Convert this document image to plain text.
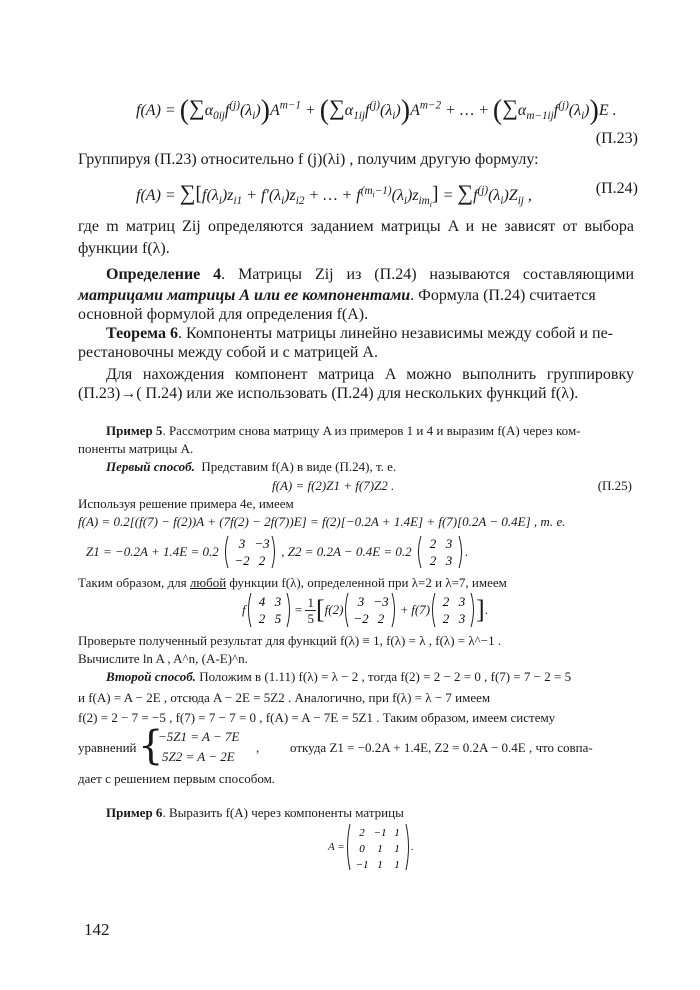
$f(A) = (\sum\alpha_{0ij}f^{(j)}(\lambda_i))A^{m-1} + (\sum\alpha_{1ij}f^{(j)}(\lambda_i))A^{m-2}$ + … + $(\sum\alpha_{m-1ij}f^{(j)}(\lambda_i))E$ .
(П.23)
Группируя (П.23) относительно f (j)(λi) , получим другую формулу:
$f(A) = \sum[f(\lambda_i)z_{i1} + f'(\lambda_i)z_{i2}$ + … + $f^{(m_i-1)}(\lambda_i)z_{im_i}] = \sum f^{(j)}(\lambda_i)Z_{ij}$ ,	(П.24)
где m матриц Zij определяются заданием матрицы A и не зависят от выбора
функции f(λ).
Определение 4. Матрицы Zij из (П.24) называются составляющими
матрицами матрицы А или ее компонентами. Формула (П.24) считается
основной формулой для определения f(A).
Теорема 6. Компоненты матрицы линейно независимы между собой и пе-
рестановочны между собой и с матрицей A.
Для нахождения компонент матрица A можно выполнить группировку
(П.23)→( П.24) или же использовать (П.24) для нескольких функций f(λ).
Пример 5. Рассмотрим снова матрицу A из примеров 1 и 4 и выразим f(A) через ком-
поненты матрицы A.
Первый способ. Представим f(A) в виде (П.24), т. е.
f(A) = f(2)Z1 + f(7)Z2 .	(П.25)
Используя решение примера 4е, имеем
f(A) = 0.2[(f(7) − f(2))A + (7f(2) − 2f(7))E] = f(2)[−0.2A + 1.4E] + f(7)[0.2A − 0.4E] , т. е.
Z1 = −0.2A + 1.4E = 0.2
3 −3
−2 2
, Z2 = 0.2A − 0.4E = 0.2
2 3
2 3
.
Таким образом, для любой функции f(λ), определенной при λ=2 и λ=7, имеем
f
4 3
2 5
= $\frac{1}{5} [f(2)$
3 −3
−2 2
+ f(7)
2 3
2 3 ].
Проверьте полученный результат для функций f(λ) ≡ 1, f(λ) = λ , f(λ) = λ^−1 .
Вычислите ln A , A^n, (A-E)^n.
Второй способ. Положим в (1.11) f(λ) = λ − 2 , тогда f(2) = 2 − 2 = 0 , f(7) = 7 − 2 = 5
и f(A) = A − 2E , отсюда A − 2E = 5Z2 . Аналогично, при f(λ) = λ − 7 имеем
f(2) = 2 − 7 = −5 , f(7) = 7 − 7 = 0 , f(A) = A − 7E = 5Z1 . Таким образом, имеем систему
уравнений {
−5Z1 = A − 7E
5Z2 = A − 2E
, откуда Z1 = −0.2A + 1.4E, Z2 = 0.2A − 0.4E , что совпа-
дает с решением первым способом.
Пример 6. Выразить f(A) через компоненты матрицы
A =
2 −1 1
0 1 1
−1 1 1
.
142
